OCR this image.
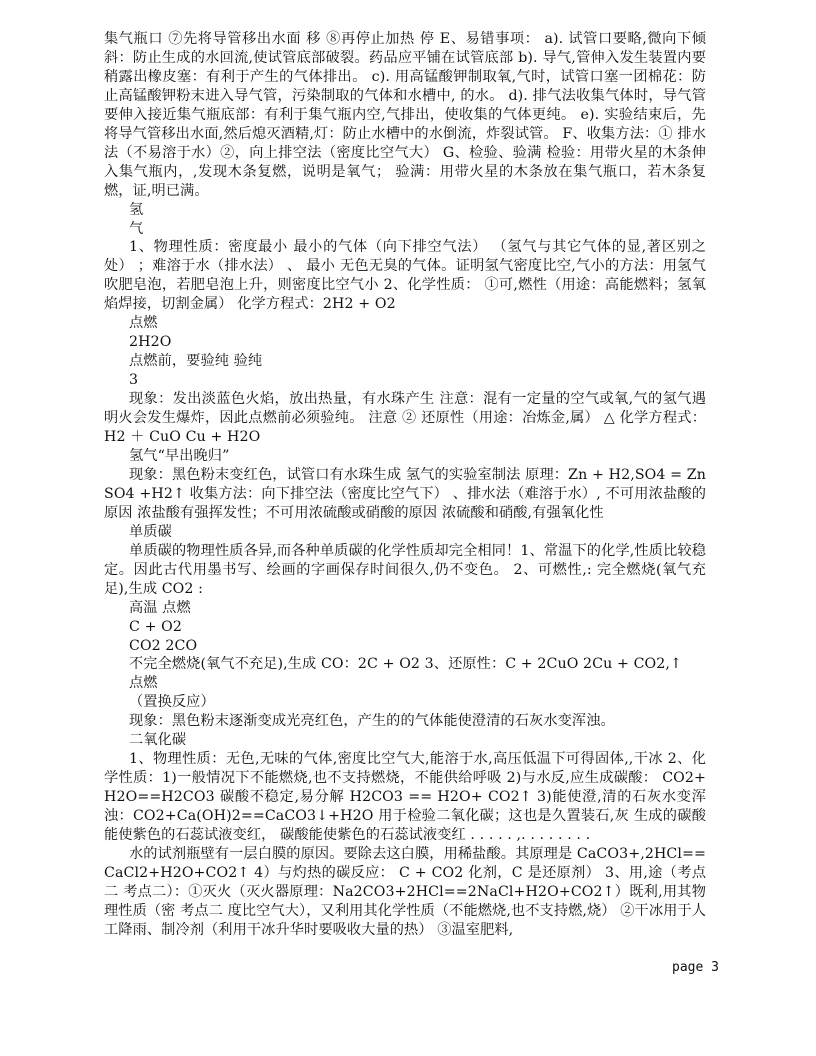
集气瓶口 ⑦先将导管移出水面 移 ⑧再停止加热 停 E、易错事项： a). 试管口要略,微向下倾斜：防止生成的水回流,使试管底部破裂。药品应平铺在试管底部 b). 导气,管伸入发生装置内要稍露出橡皮塞：有利于产生的气体排出。 c). 用高锰酸钾制取氧,气时，试管口塞一团棉花：防止高锰酸钾粉末进入导气管，污染制取的气体和水槽中, 的水。 d). 排气法收集气体时，导气管要伸入接近集气瓶底部：有利于集气瓶内空,气排出，使收集的气体更纯。 e). 实验结束后，先将导气管移出水面,然后熄灭酒精,灯：防止水槽中的水倒流，炸裂试管。 F、收集方法：① 排水法（不易溶于水）②，向上排空法（密度比空气大） G、检验、验满 检验：用带火星的木条伸入集气瓶内，,发现木条复燃，说明是氧气； 验满：用带火星的木条放在集气瓶口，若木条复燃，证,明已满。

氢

气

1、物理性质：密度最小 最小的气体（向下排空气法） （氢气与其它气体的显,著区别之处） ；难溶于水（排水法） 、 最小 无色无臭的气体。证明氢气密度比空,气小的方法：用氢气吹肥皂泡，若肥皂泡上升，则密度比空气小 2、化学性质： ①可,燃性（用途：高能燃料；氢氧焰焊接，切割金属） 化学方程式：2H2 + O2

点燃

2H2O

点燃前，要验纯 验纯

3

现象：发出淡蓝色火焰，放出热量，有水珠产生 注意：混有一定量的空气或氧,气的氢气遇明火会发生爆炸，因此点燃前必须验纯。 注意 ② 还原性（用途：冶炼金,属） △ 化学方程式：H2 ＋ CuO Cu + H2O

氢气“早出晚归”

现象：黑色粉末变红色，试管口有水珠生成 氢气的实验室制法 原理：Zn + H2,SO4 = ZnSO4 +H2↑ 收集方法：向下排空法（密度比空气下） 、排水法（难溶于水）, 不可用浓盐酸的原因 浓盐酸有强挥发性；不可用浓硫酸或硝酸的原因 浓硫酸和硝酸,有强氧化性

单质碳

单质碳的物理性质各异,而各种单质碳的化学性质却完全相同！1、常温下的化学,性质比较稳定。因此古代用墨书写、绘画的字画保存时间很久,仍不变色。 2、可燃性,: 完全燃烧(氧气充足),生成 CO2 :

高温 点燃

C + O2

CO2 2CO

不完全燃烧(氧气不充足),生成 CO：2C + O2 3、还原性：C + 2CuO 2Cu + CO2,↑

点燃

（置换反应）

现象：黑色粉末逐渐变成光亮红色，产生的的气体能使澄清的石灰水变浑浊。

二氧化碳

1、物理性质：无色,无味的气体,密度比空气大,能溶于水,高压低温下可得固体,,干冰 2、化学性质：1)一般情况下不能燃烧,也不支持燃烧，不能供给呼吸 2)与水反,应生成碳酸： CO2+H2O==H2CO3 碳酸不稳定,易分解 H2CO3 == H2O+ CO2↑ 3)能使澄,清的石灰水变浑浊：CO2+Ca(OH)2==CaCO3↓+H2O 用于检验二氧化碳；这也是久置装石,灰 生成的碳酸能使紫色的石蕊试液变红， 碳酸能使紫色的石蕊试液变红 . . . . . ,. . . . . . . .

水的试剂瓶壁有一层白膜的原因。要除去这白膜，用稀盐酸。其原理是 CaCO3+,2HCl==CaCl2+H2O+CO2↑ 4）与灼热的碳反应： C + CO2 化剂，C 是还原剂） 3、用,途（考点二 考点二）：①灭火（灭火器原理：Na2CO3+2HCl==2NaCl+H2O+CO2↑）既利,用其物理性质（密 考点二 度比空气大），又利用其化学性质（不能燃烧,也不支持燃,烧） ②干冰用于人工降雨、制冷剂（利用干冰升华时要吸收大量的热） ③温室肥料,

page 3
